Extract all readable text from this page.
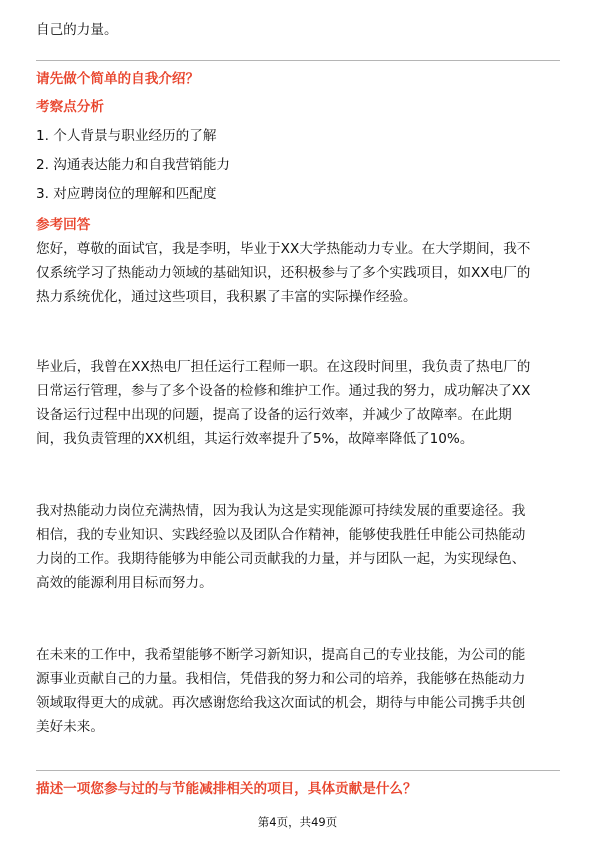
自己的力量。
请先做个简单的自我介绍？
考察点分析
1. 个人背景与职业经历的了解
2. 沟通表达能力和自我营销能力
3. 对应聘岗位的理解和匹配度
参考回答
您好，尊敬的面试官，我是李明，毕业于XX大学热能动力专业。在大学期间，我不
仅系统学习了热能动力领域的基础知识，还积极参与了多个实践项目，如XX电厂的
热力系统优化，通过这些项目，我积累了丰富的实际操作经验。
毕业后，我曾在XX热电厂担任运行工程师一职。在这段时间里，我负责了热电厂的
日常运行管理，参与了多个设备的检修和维护工作。通过我的努力，成功解决了XX
设备运行过程中出现的问题，提高了设备的运行效率，并减少了故障率。在此期
间，我负责管理的XX机组，其运行效率提升了5%，故障率降低了10%。
我对热能动力岗位充满热情，因为我认为这是实现能源可持续发展的重要途径。我
相信，我的专业知识、实践经验以及团队合作精神，能够使我胜任申能公司热能动
力岗的工作。我期待能够为申能公司贡献我的力量，并与团队一起，为实现绿色、
高效的能源利用目标而努力。
在未来的工作中，我希望能够不断学习新知识，提高自己的专业技能，为公司的能
源事业贡献自己的力量。我相信，凭借我的努力和公司的培养，我能够在热能动力
领域取得更大的成就。再次感谢您给我这次面试的机会，期待与申能公司携手共创
美好未来。
描述一项您参与过的与节能减排相关的项目，具体贡献是什么？
第4页，共49页
